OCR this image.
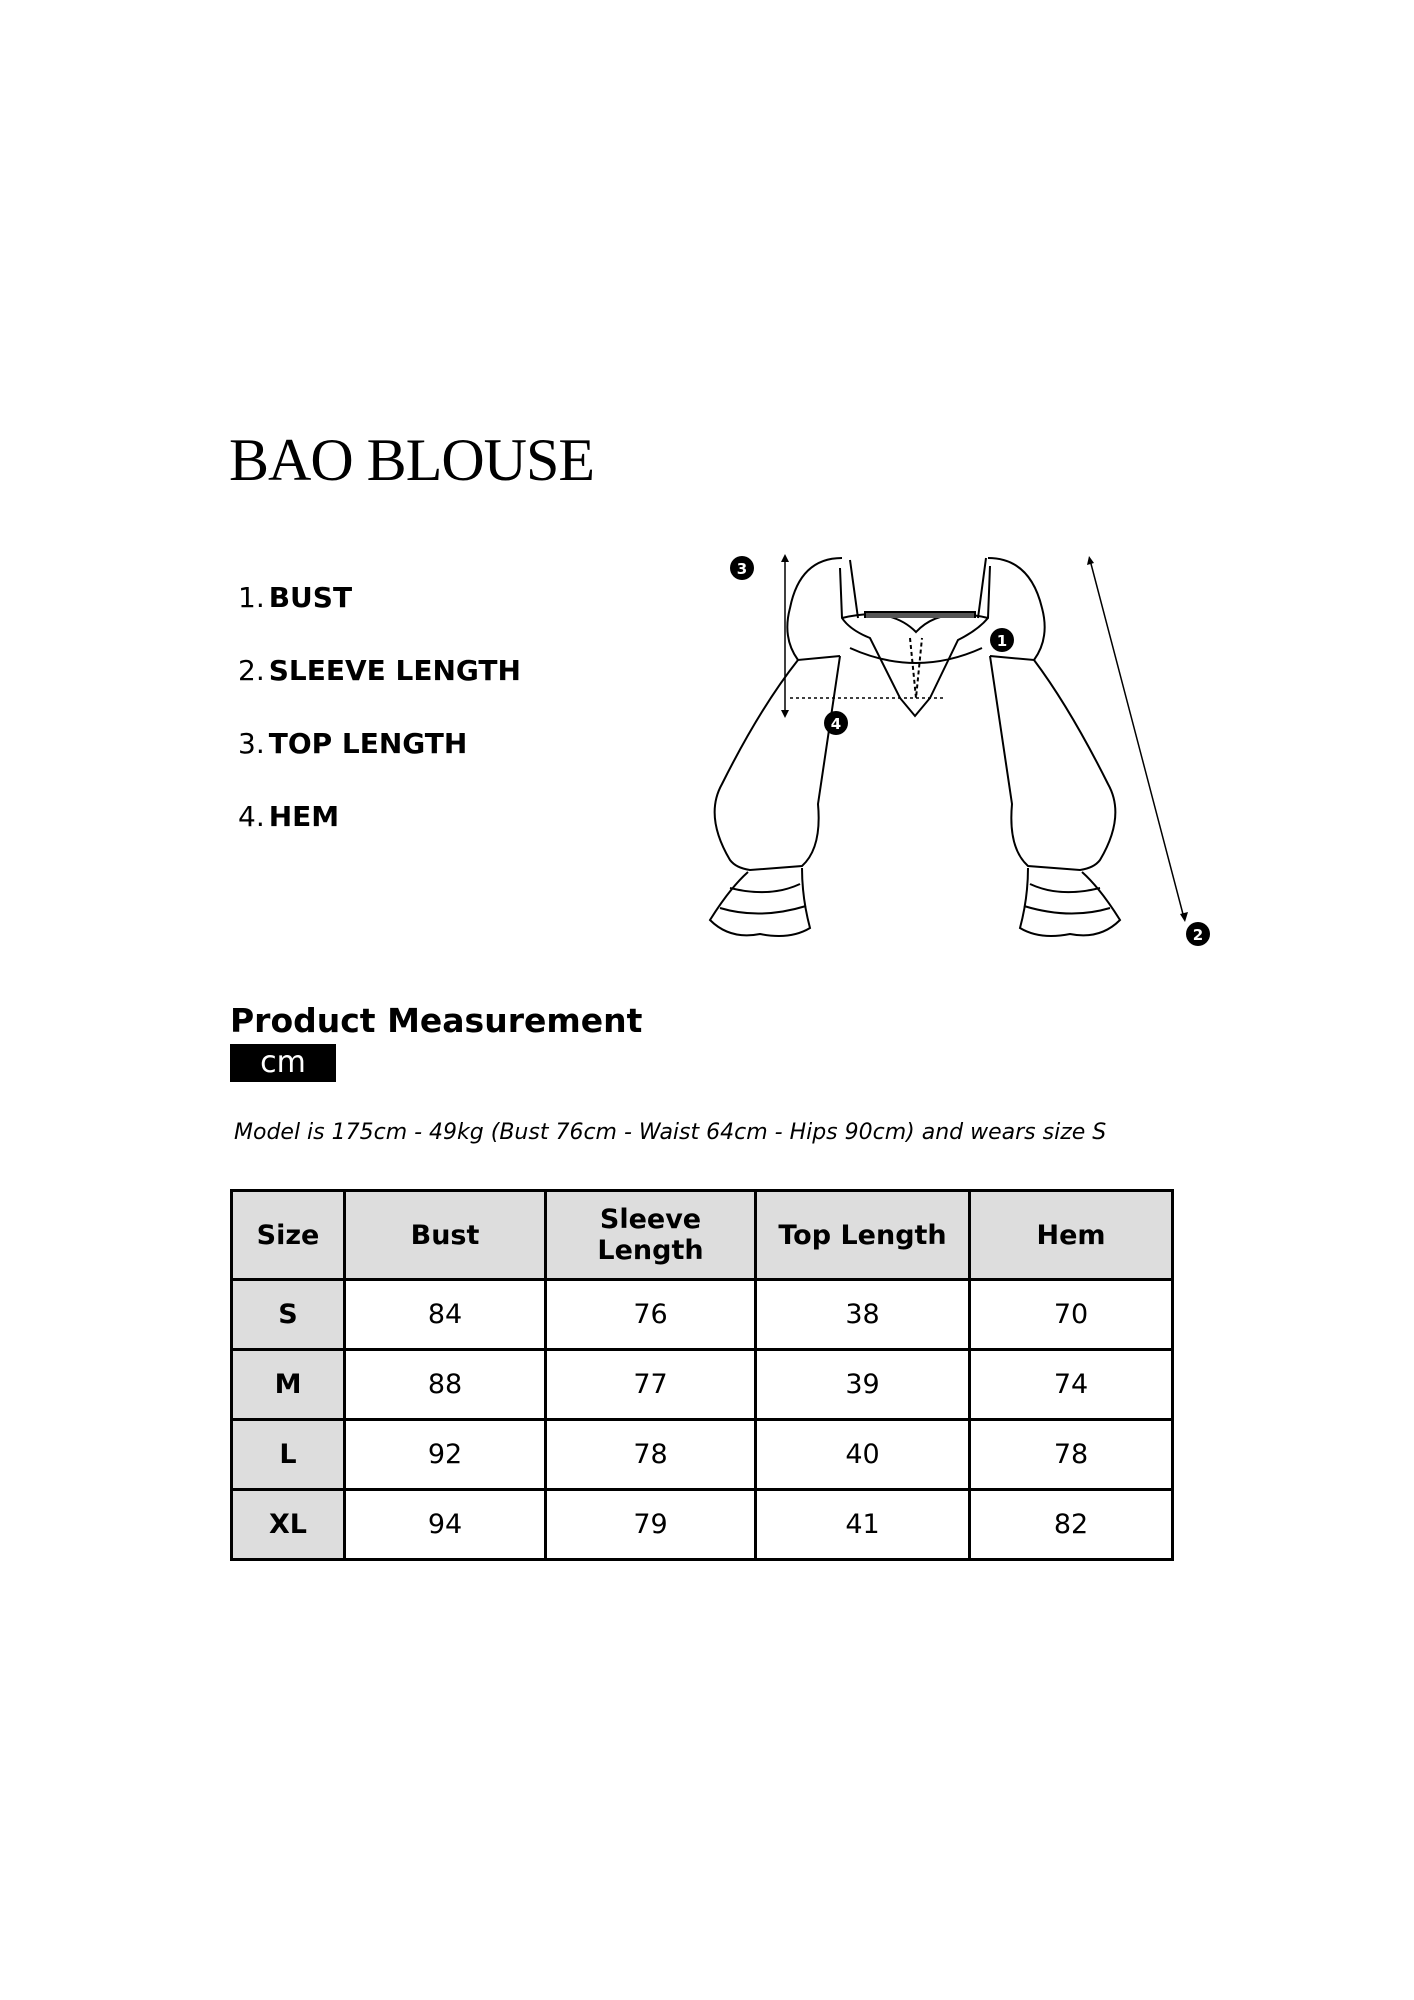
BAO BLOUSE
1. BUST
2. SLEEVE LENGTH
3. TOP LENGTH
4. HEM
1
2
3
4
Product Measurement
cm

Model is 175cm - 49kg (Bust 76cm - Waist 64cm - Hips 90cm) and wears size S

Size	Bust	Sleeve Length	Top Length	Hem
S	84	76	38	70
M	88	77	39	74
L	92	78	40	78
XL	94	79	41	82
